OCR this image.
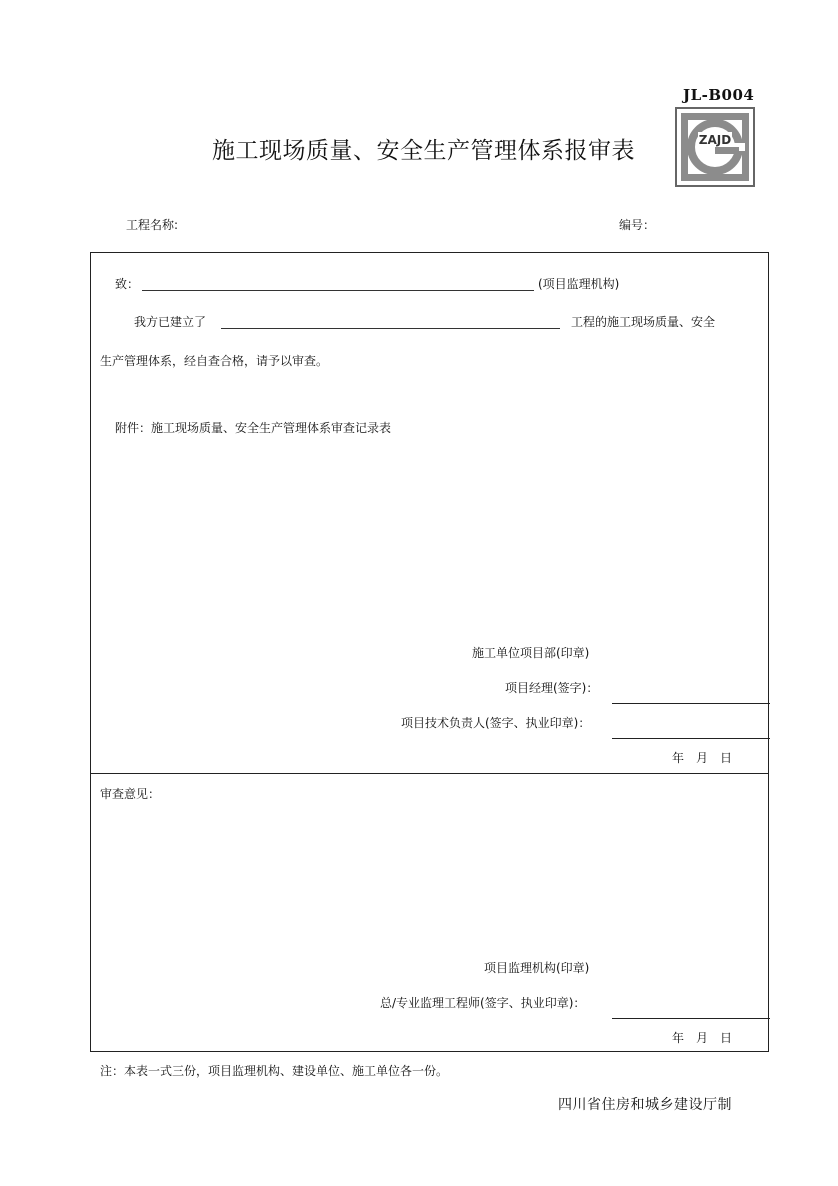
JL-B004
施工现场质量、安全生产管理体系报审表	ZAJD
工程名称:	编号：
致：	(项目监理机构)
我方已建立了	工程的施工现场质量、安全
生产管理体系，经自查合格，请予以审查。
附件：施工现场质量、安全生产管理体系审查记录表
施工单位项目部(印章)
项目经理(签字)：
项目技术负责人(签字、执业印章)：
年　月　日
审查意见：
项目监理机构(印章)
总/专业监理工程师(签字、执业印章)：
年　月　日
注：本表一式三份，项目监理机构、建设单位、施工单位各一份。
四川省住房和城乡建设厅制
